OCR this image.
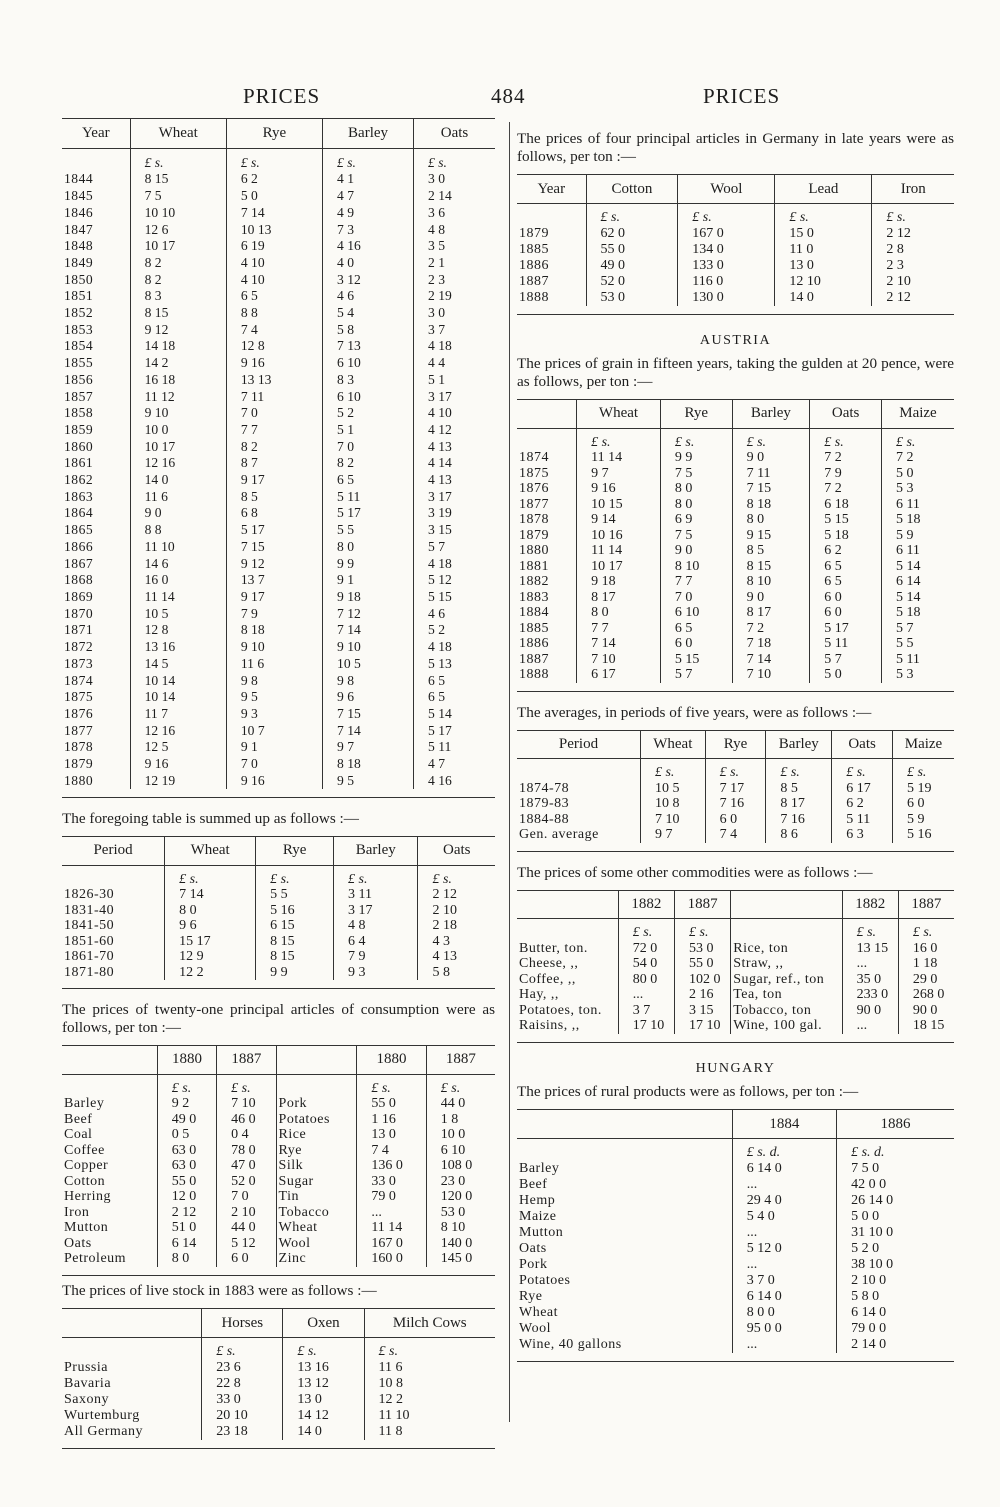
PRICES	484	PRICES
Year	Wheat	Rye	Barley	Oats
	£ s.	£ s.	£ s.	£ s.
1844	8 15	6 2	4 1	3 0
1845	7 5	5 0	4 7	2 14
1846	10 10	7 14	4 9	3 6
1847	12 6	10 13	7 3	4 8
1848	10 17	6 19	4 16	3 5
1849	8 2	4 10	4 0	2 1
1850	8 2	4 10	3 12	2 3
1851	8 3	6 5	4 6	2 19
1852	8 15	8 8	5 4	3 0
1853	9 12	7 4	5 8	3 7
1854	14 18	12 8	7 13	4 18
1855	14 2	9 16	6 10	4 4
1856	16 18	13 13	8 3	5 1
1857	11 12	7 11	6 10	3 17
1858	9 10	7 0	5 2	4 10
1859	10 0	7 7	5 1	4 12
1860	10 17	8 2	7 0	4 13
1861	12 16	8 7	8 2	4 14
1862	14 0	9 17	6 5	4 13
1863	11 6	8 5	5 11	3 17
1864	9 0	6 8	5 17	3 19
1865	8 8	5 17	5 5	3 15
1866	11 10	7 15	8 0	5 7
1867	14 6	9 12	9 9	4 18
1868	16 0	13 7	9 1	5 12
1869	11 14	9 17	9 18	5 15
1870	10 5	7 9	7 12	4 6
1871	12 8	8 18	7 14	5 2
1872	13 16	9 10	9 10	4 18
1873	14 5	11 6	10 5	5 13
1874	10 14	9 8	9 8	6 5
1875	10 14	9 5	9 6	6 5
1876	11 7	9 3	7 15	5 14
1877	12 16	10 7	7 14	5 17
1878	12 5	9 1	9 7	5 11
1879	9 16	7 0	8 18	4 7
1880	12 19	9 16	9 5	4 16

The foregoing table is summed up as follows :—

Period	Wheat	Rye	Barley	Oats
	£ s.	£ s.	£ s.	£ s.
1826-30	7 14	5 5	3 11	2 12
1831-40	8 0	5 16	3 17	2 10
1841-50	9 6	6 15	4 8	2 18
1851-60	15 17	8 15	6 4	4 3
1861-70	12 9	8 15	7 9	4 13
1871-80	12 2	9 9	9 3	5 8

The prices of twenty-one principal articles of consumption were as follows, per ton :—

	1880	1887		1880	1887
	£ s.	£ s.		£ s.	£ s.
Barley	9 2	7 10	Pork	55 0	44 0
Beef	49 0	46 0	Potatoes	1 16	1 8
Coal	0 5	0 4	Rice	13 0	10 0
Coffee	63 0	78 0	Rye	7 4	6 10
Copper	63 0	47 0	Silk	136 0	108 0
Cotton	55 0	52 0	Sugar	33 0	23 0
Herring	12 0	7 0	Tin	79 0	120 0
Iron	2 12	2 10	Tobacco	...	53 0
Mutton	51 0	44 0	Wheat	11 14	8 10
Oats	6 14	5 12	Wool	167 0	140 0
Petroleum	8 0	6 0	Zinc	160 0	145 0

The prices of live stock in 1883 were as follows :—

	Horses	Oxen	Milch Cows
	£ s.	£ s.	£ s.
Prussia	23 6	13 16	11 6
Bavaria	22 8	13 12	10 8
Saxony	33 0	13 0	12 2
Wurtemburg	20 10	14 12	11 10
All Germany	23 18	14 0	11 8

The prices of four principal articles in Germany in late years were as follows, per ton :—

Year	Cotton	Wool	Lead	Iron
	£ s.	£ s.	£ s.	£ s.
1879	62 0	167 0	15 0	2 12
1885	55 0	134 0	11 0	2 8
1886	49 0	133 0	13 0	2 3
1887	52 0	116 0	12 10	2 10
1888	53 0	130 0	14 0	2 12

AUSTRIA

The prices of grain in fifteen years, taking the gulden at 20 pence, were as follows, per ton :—

	Wheat	Rye	Barley	Oats	Maize
	£ s.	£ s.	£ s.	£ s.	£ s.
1874	11 14	9 9	9 0	7 2	7 2
1875	9 7	7 5	7 11	7 9	5 0
1876	9 16	8 0	7 15	7 2	5 3
1877	10 15	8 0	8 18	6 18	6 11
1878	9 14	6 9	8 0	5 15	5 18
1879	10 16	7 5	9 15	5 18	5 9
1880	11 14	9 0	8 5	6 2	6 11
1881	10 17	8 10	8 15	6 5	5 14
1882	9 18	7 7	8 10	6 5	6 14
1883	8 17	7 0	9 0	6 0	5 14
1884	8 0	6 10	8 17	6 0	5 18
1885	7 7	6 5	7 2	5 17	5 7
1886	7 14	6 0	7 18	5 11	5 5
1887	7 10	5 15	7 14	5 7	5 11
1888	6 17	5 7	7 10	5 0	5 3

The averages, in periods of five years, were as follows :—

Period	Wheat	Rye	Barley	Oats	Maize
	£ s.	£ s.	£ s.	£ s.	£ s.
1874-78	10 5	7 17	8 5	6 17	5 19
1879-83	10 8	7 16	8 17	6 2	6 0
1884-88	7 10	6 0	7 16	5 11	5 9
Gen. average	9 7	7 4	8 6	6 3	5 16

The prices of some other commodities were as follows :—

	1882	1887		1882	1887
	£ s.	£ s.		£ s.	£ s.
Butter, ton.	72 0	53 0	Rice, ton	13 15	16 0
Cheese, ,,	54 0	55 0	Straw, ,,	...	1 18
Coffee, ,,	80 0	102 0	Sugar, ref., ton	35 0	29 0
Hay, ,,	...	2 16	Tea, ton	233 0	268 0
Potatoes, ton.	3 7	3 15	Tobacco, ton	90 0	90 0
Raisins, ,,	17 10	17 10	Wine, 100 gal.	...	18 15

HUNGARY

The prices of rural products were as follows, per ton :—

	1884	1886
	£ s. d.	£ s. d.
Barley	6 14 0	7 5 0
Beef	...	42 0 0
Hemp	29 4 0	26 14 0
Maize	5 4 0	5 0 0
Mutton	...	31 10 0
Oats	5 12 0	5 2 0
Pork	...	38 10 0
Potatoes	3 7 0	2 10 0
Rye	6 14 0	5 8 0
Wheat	8 0 0	6 14 0
Wool	95 0 0	79 0 0
Wine, 40 gallons	...	2 14 0
